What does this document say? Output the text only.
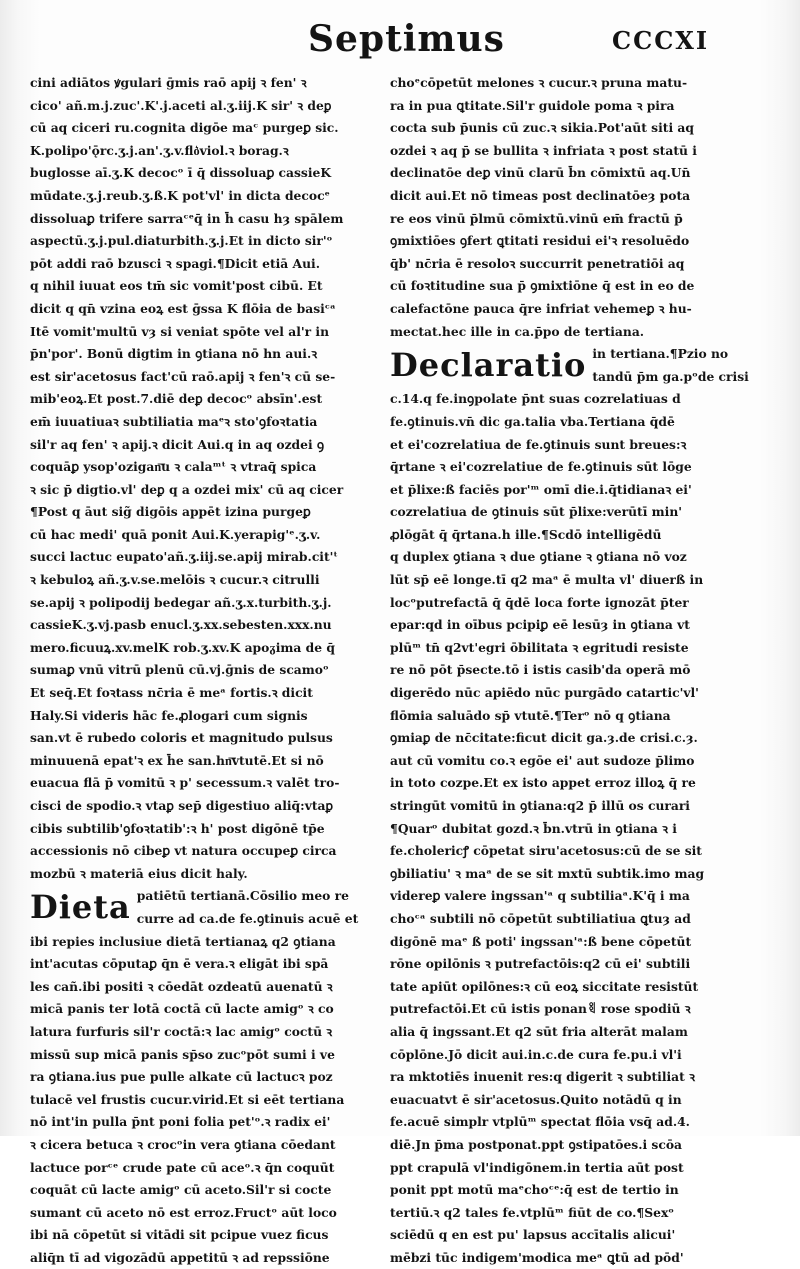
Septimus	CCCXI
cini adiātos ꝟgulari ḡmis raō apij ꝛ fen' ꝛ
cico' añ.m.j.zuc'.K'.j.aceti al.ʒ.iij.K sir' ꝛ deꝑ
cū aq ciceri ru.cognita digōe maᶜ purgeꝑ sic.
K.polipo'ǭrc.ʒ.j.an'.ʒ.v.flo͛viol.ꝛ borag.ꝛ
buglosse aī.ʒ.K decocᵒ ī q̄ dissoluaꝑ cassieK
mūdate.ʒ.j.reub.ʒ.ß.K pot'vl' in dicta decocᵉ
dissoluaꝑ trifere sarraᶜᵉq̄ in h̄ casu hȝ spālem
aspectū.ʒ.j.pul.diaturbith.ʒ.j.Et in dicto sir'ᵒ
pōt addi raō bzusci ꝛ spagi.¶Dicit etiā Aui.
q nihil iuuat eos tm̄ sic vomit'post cibū. Et
dicit q qn̄ vzina eoꝝ est ḡssa K flōia de basiᶜᵃ
Itē vomit'multū vȝ si veniat spōte vel al'r in
p̄n'por'. Bonū digtim in ꝯtiana nō hn aui.ꝛ
est sir'acetosus fact'cū raō.apij ꝛ fen'ꝛ cū se-
mib'eoꝝ.Et post.7.diē deꝑ decocᵒ absīn'.est
em̄ iuuatiuaꝛ subtiliatia maᵉꝛ sto'ꝯfoꝛtatia
sil'r aq fen' ꝛ apij.ꝛ dicit Aui.q in aq ozdei ꝯ
coquāꝑ ysop'ozigan͞u ꝛ calaᵐᵗ ꝛ vtraq̄ spica
ꝛ sic p̄ digtio.vl' deꝑ q a ozdei mix' cū aq cicer
¶Post q āut sig̃ digōis appēt izina purgeꝑ
cū hac medi' quā ponit Aui.K.yerapig'ᵉ.ʒ.v.
succi lactuc eupato'añ.ʒ.iij.se.apij mirab.cit'ᵗ
ꝛ kebuloꝝ añ.ʒ.v.se.melōis ꝛ cucur.ꝛ citrulli
se.apij ꝛ polipodij bedegar añ.ʒ.x.turbith.ʒ.j.
cassieK.ʒ.vj.pasb enucl.ʒ.xx.sebesten.xxx.nu
mero.ficuuꝝ.xv.melK rob.ʒ.xv.K apoᵹima de q̄
sumaꝑ vnū vitrū plenū cū.vj.ḡnis de scamoᵒ
Et seq̄.Et foꝛtass nc̄ria ē meᵃ fortis.ꝛ dicit
Haly.Si videris hāc fe.ꝓlogari cum signis
san.vt ē rubedo coloris et magnitudo pulsus
minuuenā epat'ꝛ ex h̄e san.hn͞vtutē.Et si nō
euacua flā p̄ vomitū ꝛ p' secessum.ꝛ valēt tro-
cisci de spodio.ꝛ vtaꝑ sep̄ digestiuo aliq̄:vtaꝑ
cibis subtilib'ꝯfoꝛtatib':ꝛ h' post digōnē tp̄e
accessionis nō cibeꝑ vt natura occupeꝑ circa
mozbū ꝛ materiā eius dicit haly.
Dieta patiētū tertianā.Cōsilio meo re
curre ad ca.de fe.ꝯtinuis acuē et
ibi repies inclusiue dietā tertianaꝝ q2 ꝯtiana
int'acutas cōputaꝑ q̄n ē vera.ꝛ eligāt ibi spā
les cañ.ibi positi ꝛ cōedāt ozdeatū auenatū ꝛ
micā panis ter lotā coctā cū lacte amigᵒ ꝛ co
latura furfuris sil'r coctā:ꝛ lac amigᵒ coctū ꝛ
missū sup micā panis sp̄so zucᵒpōt sumi i ve
ra ꝯtiana.ius pue pulle alkate cū lactucꝛ poz
tulacē vel frustis cucur.virid.Et si eēt tertiana
nō int'in pulla p̄nt poni folia pet'ᵒ.ꝛ radix ei'
ꝛ cicera betuca ꝛ crocᵒin vera ꝯtiana cōedant
lactuce porᶜᵉ crude pate cū aceᵒ.ꝛ q̄n coquūt
coquāt cū lacte amigᵒ cū aceto.Sil'r si cocte
sumant cū aceto nō est erroz.Fructᵒ aūt loco
ibi nā cōpetūt si vitādi sit pcipue vuez ficus
aliq̄n tī ad vigozādū appetitū ꝛ ad repssiōne
choᵉcōpetūt melones ꝛ cucur.ꝛ pruna matu-
ra in pua ꝗtitate.Sil'r guidole poma ꝛ pira
cocta sub p̄unis cū zuc.ꝛ sikia.Pot'aūt siti aq
ozdei ꝛ aq p̄ se bullita ꝛ infriata ꝛ post statū i
declinatōe deꝑ vinū clarū b̄n cōmixtū aq.Un̄
dicit aui.Et nō timeas post declinatōeȝ pota
re eos vinū p̄lmū cōmixtū.vinū em̄ fractū p̄
ꝯmixtiōes ꝯfert ꝗtitati residui ei'ꝛ resoluēdo
q̄b' nc̄ria ē resoloꝛ succurrit penetratiōi aq
cū foꝛtitudine sua p̄ ꝯmixtiōne q̄ est in eo de
calefactōne pauca q̄re infriat vehemeꝑ ꝛ hu-
mectat.hec ille in ca.p̄po de tertiana.
Declaratio in tertiana.¶Pzio no
tandū p̄m ga.pᵒde crisi
c.14.q fe.inꝯpolate p̄nt suas cozrelatiuas d
fe.ꝯtinuis.vn̄ dic ga.talia vba.Tertiana q̄dē
et ei'cozrelatiua de fe.ꝯtinuis sunt breues:ꝛ
q̄rtane ꝛ ei'cozrelatiue de fe.ꝯtinuis sūt lōge
et p̄lixe:ß faciēs por'ᵐ omī die.i.q̄tidianaꝛ ei'
cozrelatiua de ꝯtinuis sūt p̄lixe:verūtī min'
ꝓlōgāt q̄ q̄rtana.h ille.¶Scdō intelligēdū
q duplex ꝯtiana ꝛ due ꝯtiane ꝛ ꝯtiana nō voz
lūt sp̄ eē longe.tī q2 maᵃ ē multa vl' diuerß in
locᵒputrefactā q̄ q̄dē loca forte ignozāt p̄ter
epar:qd in oībus pcipiꝑ eē lesūȝ in ꝯtiana vt
plūᵐ tn̄ q2vt'egri ōbilitata ꝛ egritudi resiste
re nō pōt p̄secte.tō i istis casib'da operā mō
digerēdo nūc apiēdo nūc purgādo catartic'vl'
flōmia saluādo sp̄ vtutē.¶Terᵒ nō q ꝯtiana
ꝯmiaꝑ de nc̄citate:ficut dicit ga.ȝ.de crisi.c.ȝ.
aut cū vomitu co.ꝛ egōe ei' aut sudoze p̄limo
in toto cozpe.Et ex isto appet erroz illoꝝ q̄ re
stringūt vomitū in ꝯtiana:q2 p̄ illū os curari
¶Quarᵒ dubitat gozd.ꝛ b̄n.vtrū in ꝯtiana ꝛ i
fe.cholericꝭ cōpetat siru'acetosus:cū de se sit
ꝯbiliatiu' ꝛ maᵃ de se sit mxtū subtik.imo mag
videreꝑ valere ingssan'ᵃ q subtiliaᵃ.K'q̄ i ma
choᶜᵃ subtili nō cōpetūt subtiliatiua ꝗtuȝ ad
digōnē maᵉ ß poti' ingssan'ᵃ:ß bene cōpetūt
rōne opilōnis ꝛ putrefactōis:q2 cū ei' subtili
tate apiūt opilōnes:ꝛ cū eoꝝ siccitate resistūt
putrefactōi.Et cū istis ponanꑠ rose spodiū ꝛ
alia q̄ ingssant.Et q2 sūt fria alterāt malam
cōplōne.Jō dicit aui.in.c.de cura fe.pu.i vl'i
ra mktotiēs inuenit res:q digerit ꝛ subtiliat ꝛ
euacuatvt ē sir'acetosus.Quito notādū q in
fe.acuē simplr vtplūᵐ spectat flōia vsq̄ ad.4.
diē.Jn p̄ma postponat.ppt ꝯstipatōes.i scōa
ppt crapulā vl'indigōnem.in tertia aūt post
ponit ppt motū maᵉchoᶜᵉ:q̄ est de tertio in
tertiū.ꝛ q2 tales fe.vtplūᵐ fiūt de co.¶Sexᵒ
sciēdū q en est pu' lapsus accītalis alicui'
mēbzi tūc indigem'modica meᵃ ꝗtū ad pōd'
